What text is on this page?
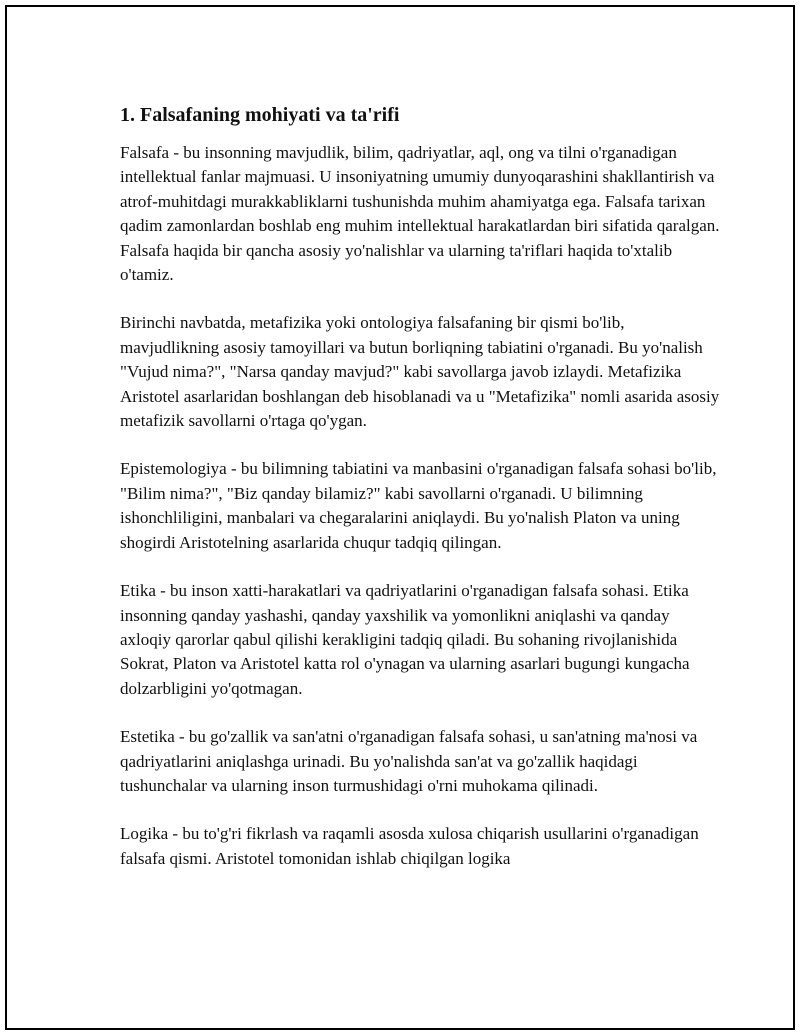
1. Falsafaning mohiyati va ta'rifi

Falsafa - bu insonning mavjudlik, bilim, qadriyatlar, aql, ong va tilni o'rganadigan intellektual fanlar majmuasi. U insoniyatning umumiy dunyoqarashini shakllantirish va atrof-muhitdagi murakkabliklarni tushunishda muhim ahamiyatga ega. Falsafa tarixan qadim zamonlardan boshlab eng muhim intellektual harakatlardan biri sifatida qaralgan. Falsafa haqida bir qancha asosiy yo'nalishlar va ularning ta'riflari haqida to'xtalib o'tamiz.

Birinchi navbatda, metafizika yoki ontologiya falsafaning bir qismi bo'lib, mavjudlikning asosiy tamoyillari va butun borliqning tabiatini o'rganadi. Bu yo'nalish "Vujud nima?", "Narsa qanday mavjud?" kabi savollarga javob izlaydi. Metafizika Aristotel asarlaridan boshlangan deb hisoblanadi va u "Metafizika" nomli asarida asosiy metafizik savollarni o'rtaga qo'ygan.

Epistemologiya - bu bilimning tabiatini va manbasini o'rganadigan falsafa sohasi bo'lib, "Bilim nima?", "Biz qanday bilamiz?" kabi savollarni o'rganadi. U bilimning ishonchliligini, manbalari va chegaralarini aniqlaydi. Bu yo'nalish Platon va uning shogirdi Aristotelning asarlarida chuqur tadqiq qilingan.

Etika - bu inson xatti-harakatlari va qadriyatlarini o'rganadigan falsafa sohasi. Etika insonning qanday yashashi, qanday yaxshilik va yomonlikni aniqlashi va qanday axloqiy qarorlar qabul qilishi kerakligini tadqiq qiladi. Bu sohaning rivojlanishida Sokrat, Platon va Aristotel katta rol o'ynagan va ularning asarlari bugungi kungacha dolzarbligini yo'qotmagan.

Estetika - bu go'zallik va san'atni o'rganadigan falsafa sohasi, u san'atning ma'nosi va qadriyatlarini aniqlashga urinadi. Bu yo'nalishda san'at va go'zallik haqidagi tushunchalar va ularning inson turmushidagi o'rni muhokama qilinadi.

Logika - bu to'g'ri fikrlash va raqamli asosda xulosa chiqarish usullarini o'rganadigan falsafa qismi. Aristotel tomonidan ishlab chiqilgan logika
